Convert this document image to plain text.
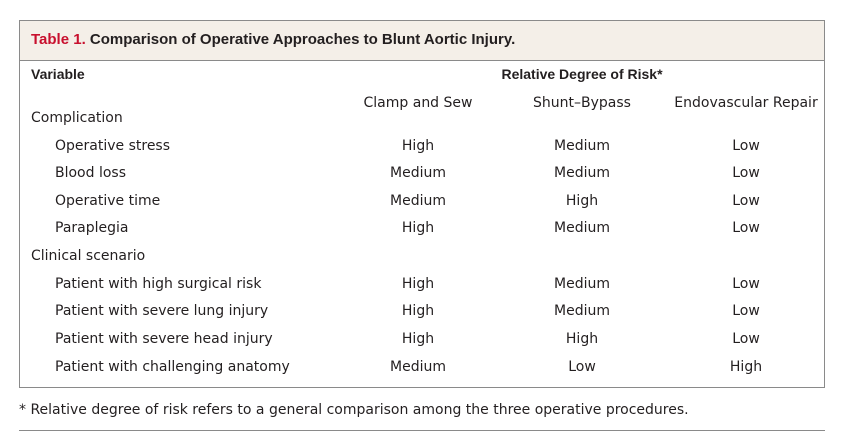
Table 1. Comparison of Operative Approaches to Blunt Aortic Injury.
Variable	Relative Degree of Risk*
Clamp and Sew	Shunt–Bypass	Endovascular Repair
Complication
Operative stress	High	Medium	Low
Blood loss	Medium	Medium	Low
Operative time	Medium	High	Low
Paraplegia	High	Medium	Low
Clinical scenario
Patient with high surgical risk	High	Medium	Low
Patient with severe lung injury	High	Medium	Low
Patient with severe head injury	High	High	Low
Patient with challenging anatomy	Medium	Low	High
* Relative degree of risk refers to a general comparison among the three operative procedures.
